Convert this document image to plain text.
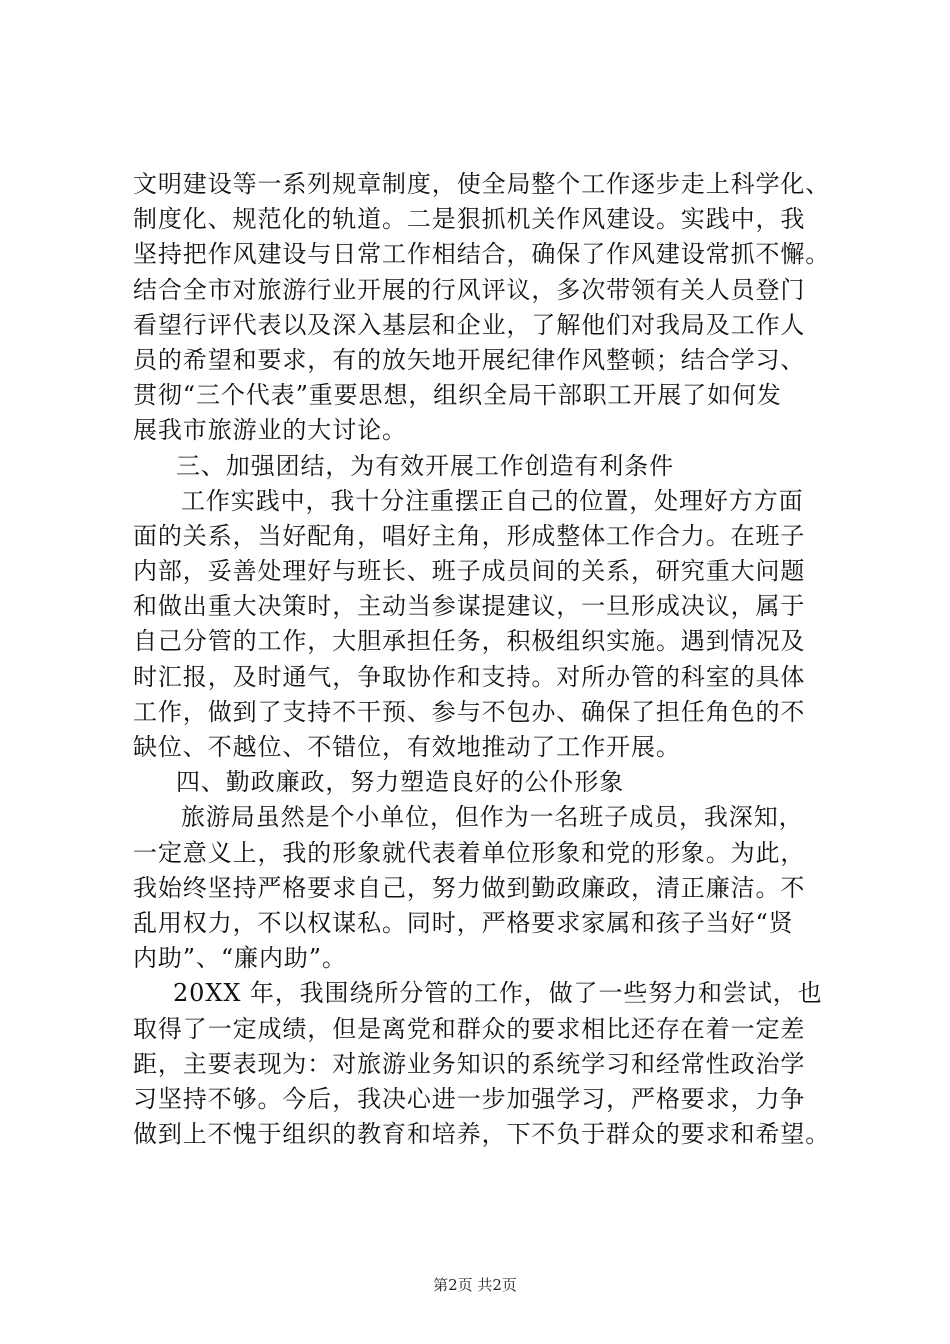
文明建设等一系列规章制度，使全局整个工作逐步走上科学化、
制度化、规范化的轨道。二是狠抓机关作风建设。实践中，我
坚持把作风建设与日常工作相结合，确保了作风建设常抓不懈。
结合全市对旅游行业开展的行风评议，多次带领有关人员登门
看望行评代表以及深入基层和企业，了解他们对我局及工作人
员的希望和要求，有的放矢地开展纪律作风整顿；结合学习、
贯彻“三个代表”重要思想，组织全局干部职工开展了如何发
展我市旅游业的大讨论。
三、加强团结，为有效开展工作创造有利条件
工作实践中，我十分注重摆正自己的位置，处理好方方面
面的关系，当好配角，唱好主角，形成整体工作合力。在班子
内部，妥善处理好与班长、班子成员间的关系，研究重大问题
和做出重大决策时，主动当参谋提建议，一旦形成决议，属于
自己分管的工作，大胆承担任务，积极组织实施。遇到情况及
时汇报，及时通气，争取协作和支持。对所办管的科室的具体
工作，做到了支持不干预、参与不包办、确保了担任角色的不
缺位、不越位、不错位，有效地推动了工作开展。
四、勤政廉政，努力塑造良好的公仆形象
旅游局虽然是个小单位，但作为一名班子成员，我深知，
一定意义上，我的形象就代表着单位形象和党的形象。为此，
我始终坚持严格要求自己，努力做到勤政廉政，清正廉洁。不
乱用权力，不以权谋私。同时，严格要求家属和孩子当好“贤
内助”、“廉内助”。
20XX 年，我围绕所分管的工作，做了一些努力和尝试，也
取得了一定成绩，但是离党和群众的要求相比还存在着一定差
距，主要表现为：对旅游业务知识的系统学习和经常性政治学
习坚持不够。今后，我决心进一步加强学习，严格要求，力争
做到上不愧于组织的教育和培养，下不负于群众的要求和希望。
第2页 共2页
